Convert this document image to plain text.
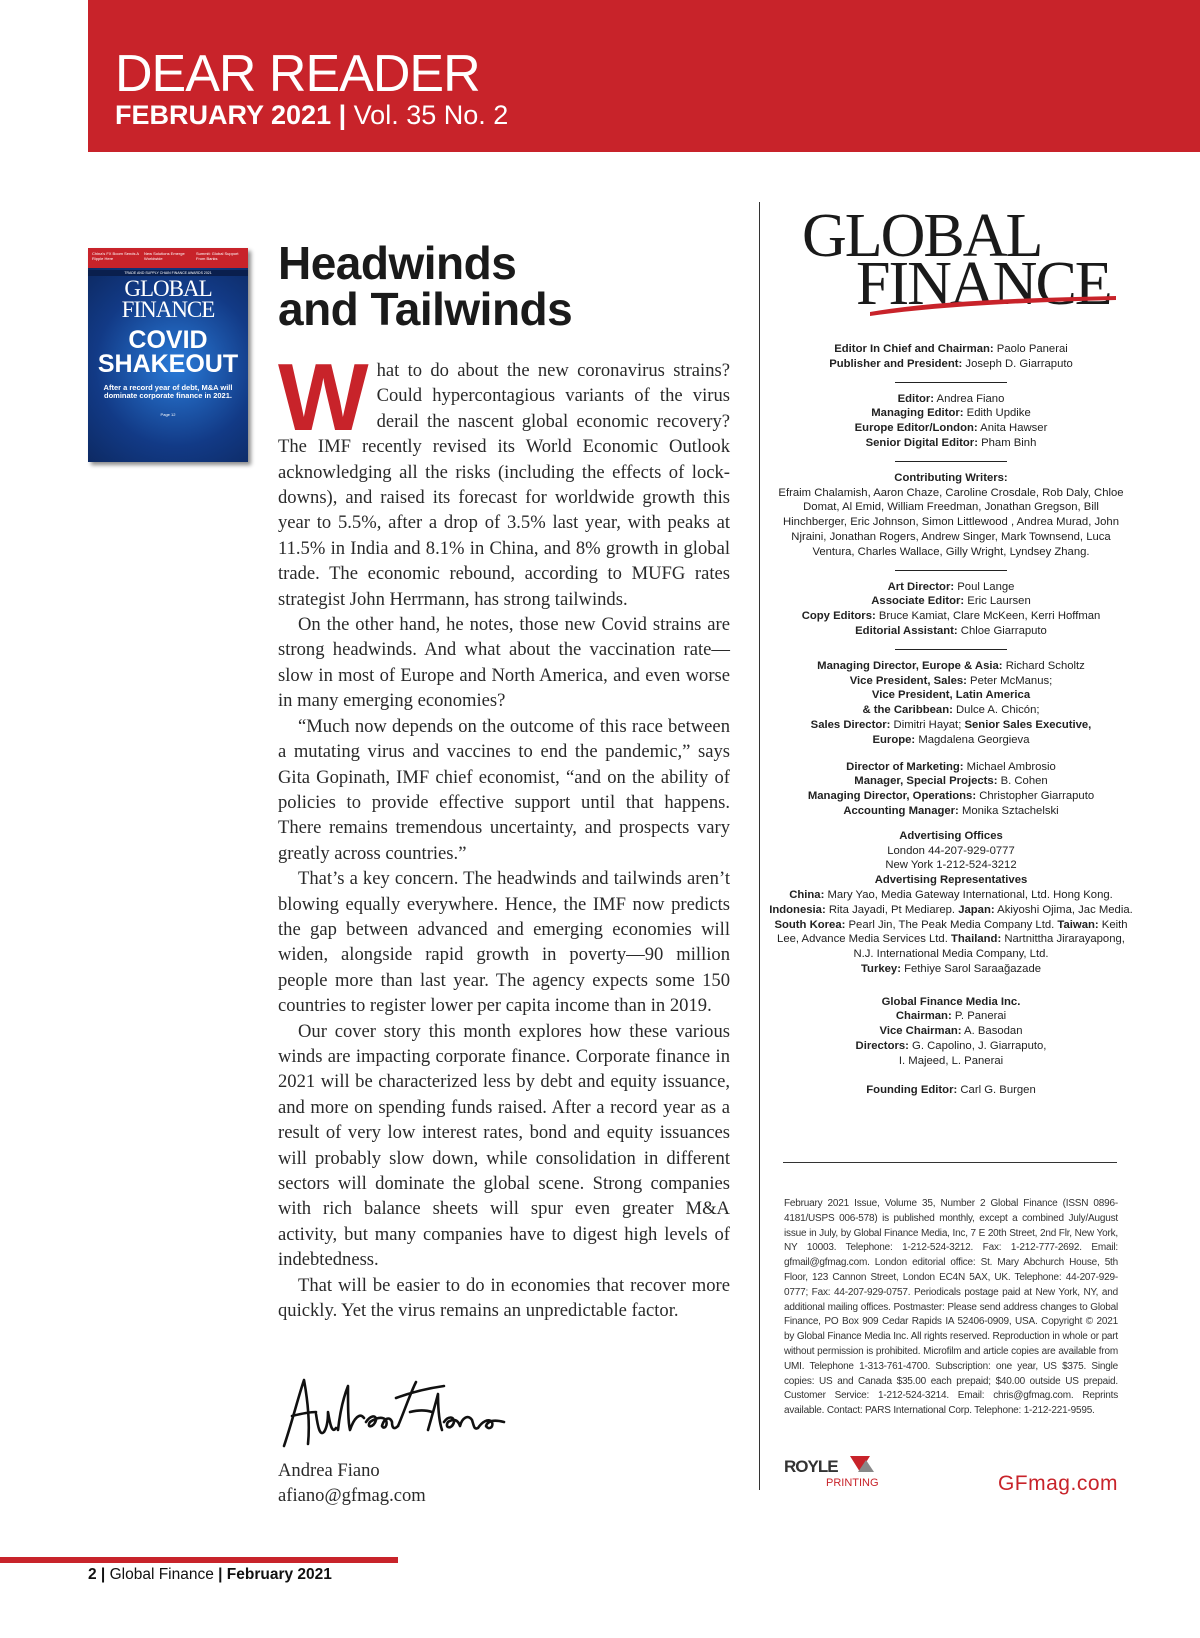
DEAR READER
FEBRUARY 2021 | Vol. 35 No. 2
China's FX Boom Sends A Ripple Here
New Solutions Emerge Worldwide
Summit: Global Support From Banks
TRADE AND SUPPLY CHAIN FINANCE AWARDS 2021
GLOBAL
FINANCE
COVID
SHAKEOUT
After a record year of debt, M&A will dominate corporate finance in 2021.
Page 12
Headwinds
and Tailwinds

What to do about the new coronavirus strains? Could hypercontagious variants of the virus derail the nascent global economic recovery? The IMF recently revised its World Economic Outlook acknowledging all the risks (including the effects of lockdowns), and raised its forecast for worldwide growth this year to 5.5%, after a drop of 3.5% last year, with peaks at 11.5% in India and 8.1% in China, and 8% growth in global trade. The economic rebound, according to MUFG rates strategist John Herrmann, has strong tailwinds.

On the other hand, he notes, those new Covid strains are strong headwinds. And what about the vaccination rate—slow in most of Europe and North America, and even worse in many emerging economies?

“Much now depends on the outcome of this race between a mutating virus and vaccines to end the pandemic,” says Gita Gopinath, IMF chief economist, “and on the ability of policies to provide effective support until that happens. There remains tremendous uncertainty, and prospects vary greatly across countries.”

That’s a key concern. The headwinds and tailwinds aren’t blowing equally everywhere. Hence, the IMF now predicts the gap between advanced and emerging economies will widen, alongside rapid growth in poverty—90 million people more than last year. The agency expects some 150 countries to register lower per capita income than in 2019.

Our cover story this month explores how these various winds are impacting corporate finance. Corporate finance in 2021 will be characterized less by debt and equity issuance, and more on spending funds raised. After a record year as a result of very low interest rates, bond and equity issuances will probably slow down, while consolidation in different sectors will dominate the global scene. Strong companies with rich balance sheets will spur even greater M&A activity, but many companies have to digest high levels of indebtedness.

That will be easier to do in economies that recover more quickly. Yet the virus remains an unpredictable factor.

Andrea Fiano
afiano@gfmag.com
GLOBAL
FINANCE
Editor In Chief and Chairman: Paolo Panerai
Publisher and President: Joseph D. Giarraputo
Editor: Andrea Fiano
Managing Editor: Edith Updike
Europe Editor/London: Anita Hawser
Senior Digital Editor: Pham Binh
Contributing Writers:
Efraim Chalamish, Aaron Chaze, Caroline Crosdale, Rob Daly, Chloe Domat, Al Emid, William Freedman, Jonathan Gregson, Bill Hinchberger, Eric Johnson, Simon Littlewood , Andrea Murad, John Njraini, Jonathan Rogers, Andrew Singer, Mark Townsend, Luca Ventura, Charles Wallace, Gilly Wright, Lyndsey Zhang.
Art Director: Poul Lange
Associate Editor: Eric Laursen
Copy Editors: Bruce Kamiat, Clare McKeen, Kerri Hoffman
Editorial Assistant: Chloe Giarraputo
Managing Director, Europe & Asia: Richard Scholtz
Vice President, Sales: Peter McManus;
Vice President, Latin America
& the Caribbean: Dulce A. Chicón;
Sales Director: Dimitri Hayat; Senior Sales Executive,
Europe: Magdalena Georgieva
Director of Marketing: Michael Ambrosio
Manager, Special Projects: B. Cohen
Managing Director, Operations: Christopher Giarraputo
Accounting Manager: Monika Sztachelski
Advertising Offices
London 44-207-929-0777
New York 1-212-524-3212
Advertising Representatives
China: Mary Yao, Media Gateway International, Ltd. Hong Kong. Indonesia: Rita Jayadi, Pt Mediarep. Japan: Akiyoshi Ojima, Jac Media. South Korea: Pearl Jin, The Peak Media Company Ltd. Taiwan: Keith Lee, Advance Media Services Ltd. Thailand: Nartnittha Jirarayapong, N.J. International Media Company, Ltd.
Turkey: Fethiye Sarol Saraağazade
Global Finance Media Inc.
Chairman: P. Panerai
Vice Chairman: A. Basodan
Directors: G. Capolino, J. Giarraputo,
I. Majeed, L. Panerai
Founding Editor: Carl G. Burgen
February 2021 Issue, Volume 35, Number 2 Global Finance (ISSN 0896-4181/USPS 006-578) is published monthly, except a combined July/August issue in July, by Global Finance Media, Inc, 7 E 20th Street, 2nd Flr, New York, NY 10003. Telephone: 1-212-524-3212. Fax: 1-212-777-2692. Email: gfmail@gfmag.com. London editorial office: St. Mary Abchurch House, 5th Floor, 123 Cannon Street, London EC4N 5AX, UK. Telephone: 44-207-929-0777; Fax: 44-207-929-0757. Periodicals postage paid at New York, NY, and additional mailing offices. Postmaster: Please send address changes to Global Finance, PO Box 909 Cedar Rapids IA 52406-0909, USA. Copyright © 2021 by Global Finance Media Inc. All rights reserved. Reproduction in whole or part without permission is prohibited. Microfilm and article copies are available from UMI. Telephone 1-313-761-4700. Subscription: one year, US $375. Single copies: US and Canada $35.00 each prepaid; $40.00 outside US prepaid. Customer Service: 1-212-524-3214. Email: chris@gfmag.com. Reprints available. Contact: PARS International Corp. Telephone: 1-212-221-9595.
ROYLE
PRINTING	GFmag.com
2 | Global Finance | February 2021
